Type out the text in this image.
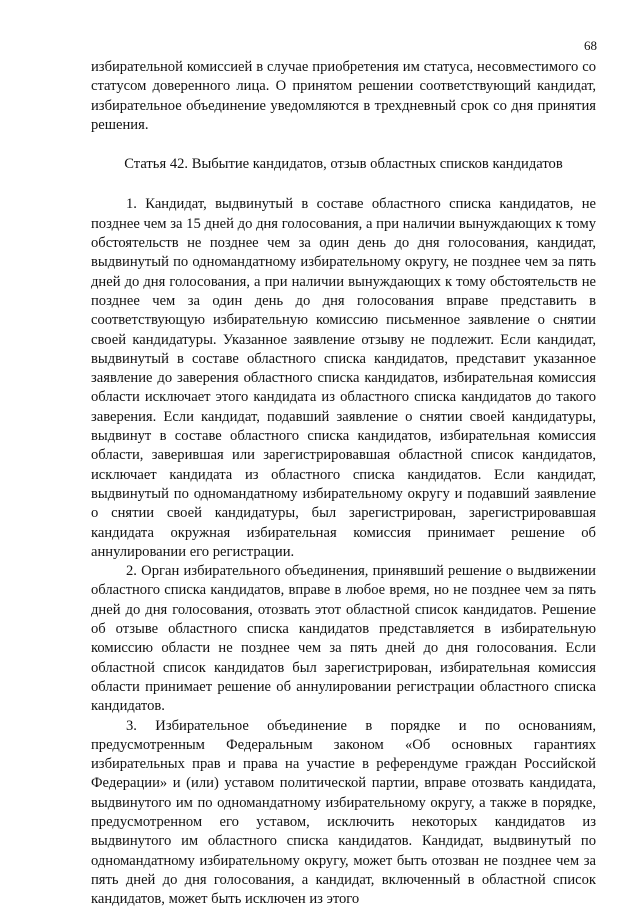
68

избирательной комиссией в случае приобретения им статуса, несовместимого со статусом доверенного лица. О принятом решении соответствующий кандидат, избирательное объединение уведомляются в трехдневный срок со дня принятия решения.

Статья 42. Выбытие кандидатов, отзыв областных списков кандидатов

1. Кандидат, выдвинутый в составе областного списка кандидатов, не позднее чем за 15 дней до дня голосования, а при наличии вынуждающих к тому обстоятельств не позднее чем за один день до дня голосования, кандидат, выдвинутый по одномандатному избирательному округу, не позднее чем за пять дней до дня голосования, а при наличии вынуждающих к тому обстоятельств не позднее чем за один день до дня голосования вправе представить в соответствующую избирательную комиссию письменное заявление о снятии своей кандидатуры. Указанное заявление отзыву не подлежит. Если кандидат, выдвинутый в составе областного списка кандидатов, представит указанное заявление до заверения областного списка кандидатов, избирательная комиссия области исключает этого кандидата из областного списка кандидатов до такого заверения. Если кандидат, подавший заявление о снятии своей кандидатуры, выдвинут в составе областного списка кандидатов, избирательная комиссия области, заверившая или зарегистрировавшая областной список кандидатов, исключает кандидата из областного списка кандидатов. Если кандидат, выдвинутый по одномандатному избирательному округу и подавший заявление о снятии своей кандидатуры, был зарегистрирован, зарегистрировавшая кандидата окружная избирательная комиссия принимает решение об аннулировании его регистрации.

2. Орган избирательного объединения, принявший решение о выдвижении областного списка кандидатов, вправе в любое время, но не позднее чем за пять дней до дня голосования, отозвать этот областной список кандидатов. Решение об отзыве областного списка кандидатов представляется в избирательную комиссию области не позднее чем за пять дней до дня голосования. Если областной список кандидатов был зарегистрирован, избирательная комиссия области принимает решение об аннулировании регистрации областного списка кандидатов.

3. Избирательное объединение в порядке и по основаниям, предусмотренным Федеральным законом «Об основных гарантиях избирательных прав и права на участие в референдуме граждан Российской Федерации» и (или) уставом политической партии, вправе отозвать кандидата, выдвинутого им по одномандатному избирательному округу, а также в порядке, предусмотренном его уставом, исключить некоторых кандидатов из выдвинутого им областного списка кандидатов. Кандидат, выдвинутый по одномандатному избирательному округу, может быть отозван не позднее чем за пять дней до дня голосования, а кандидат, включенный в областной список кандидатов, может быть исключен из этого
